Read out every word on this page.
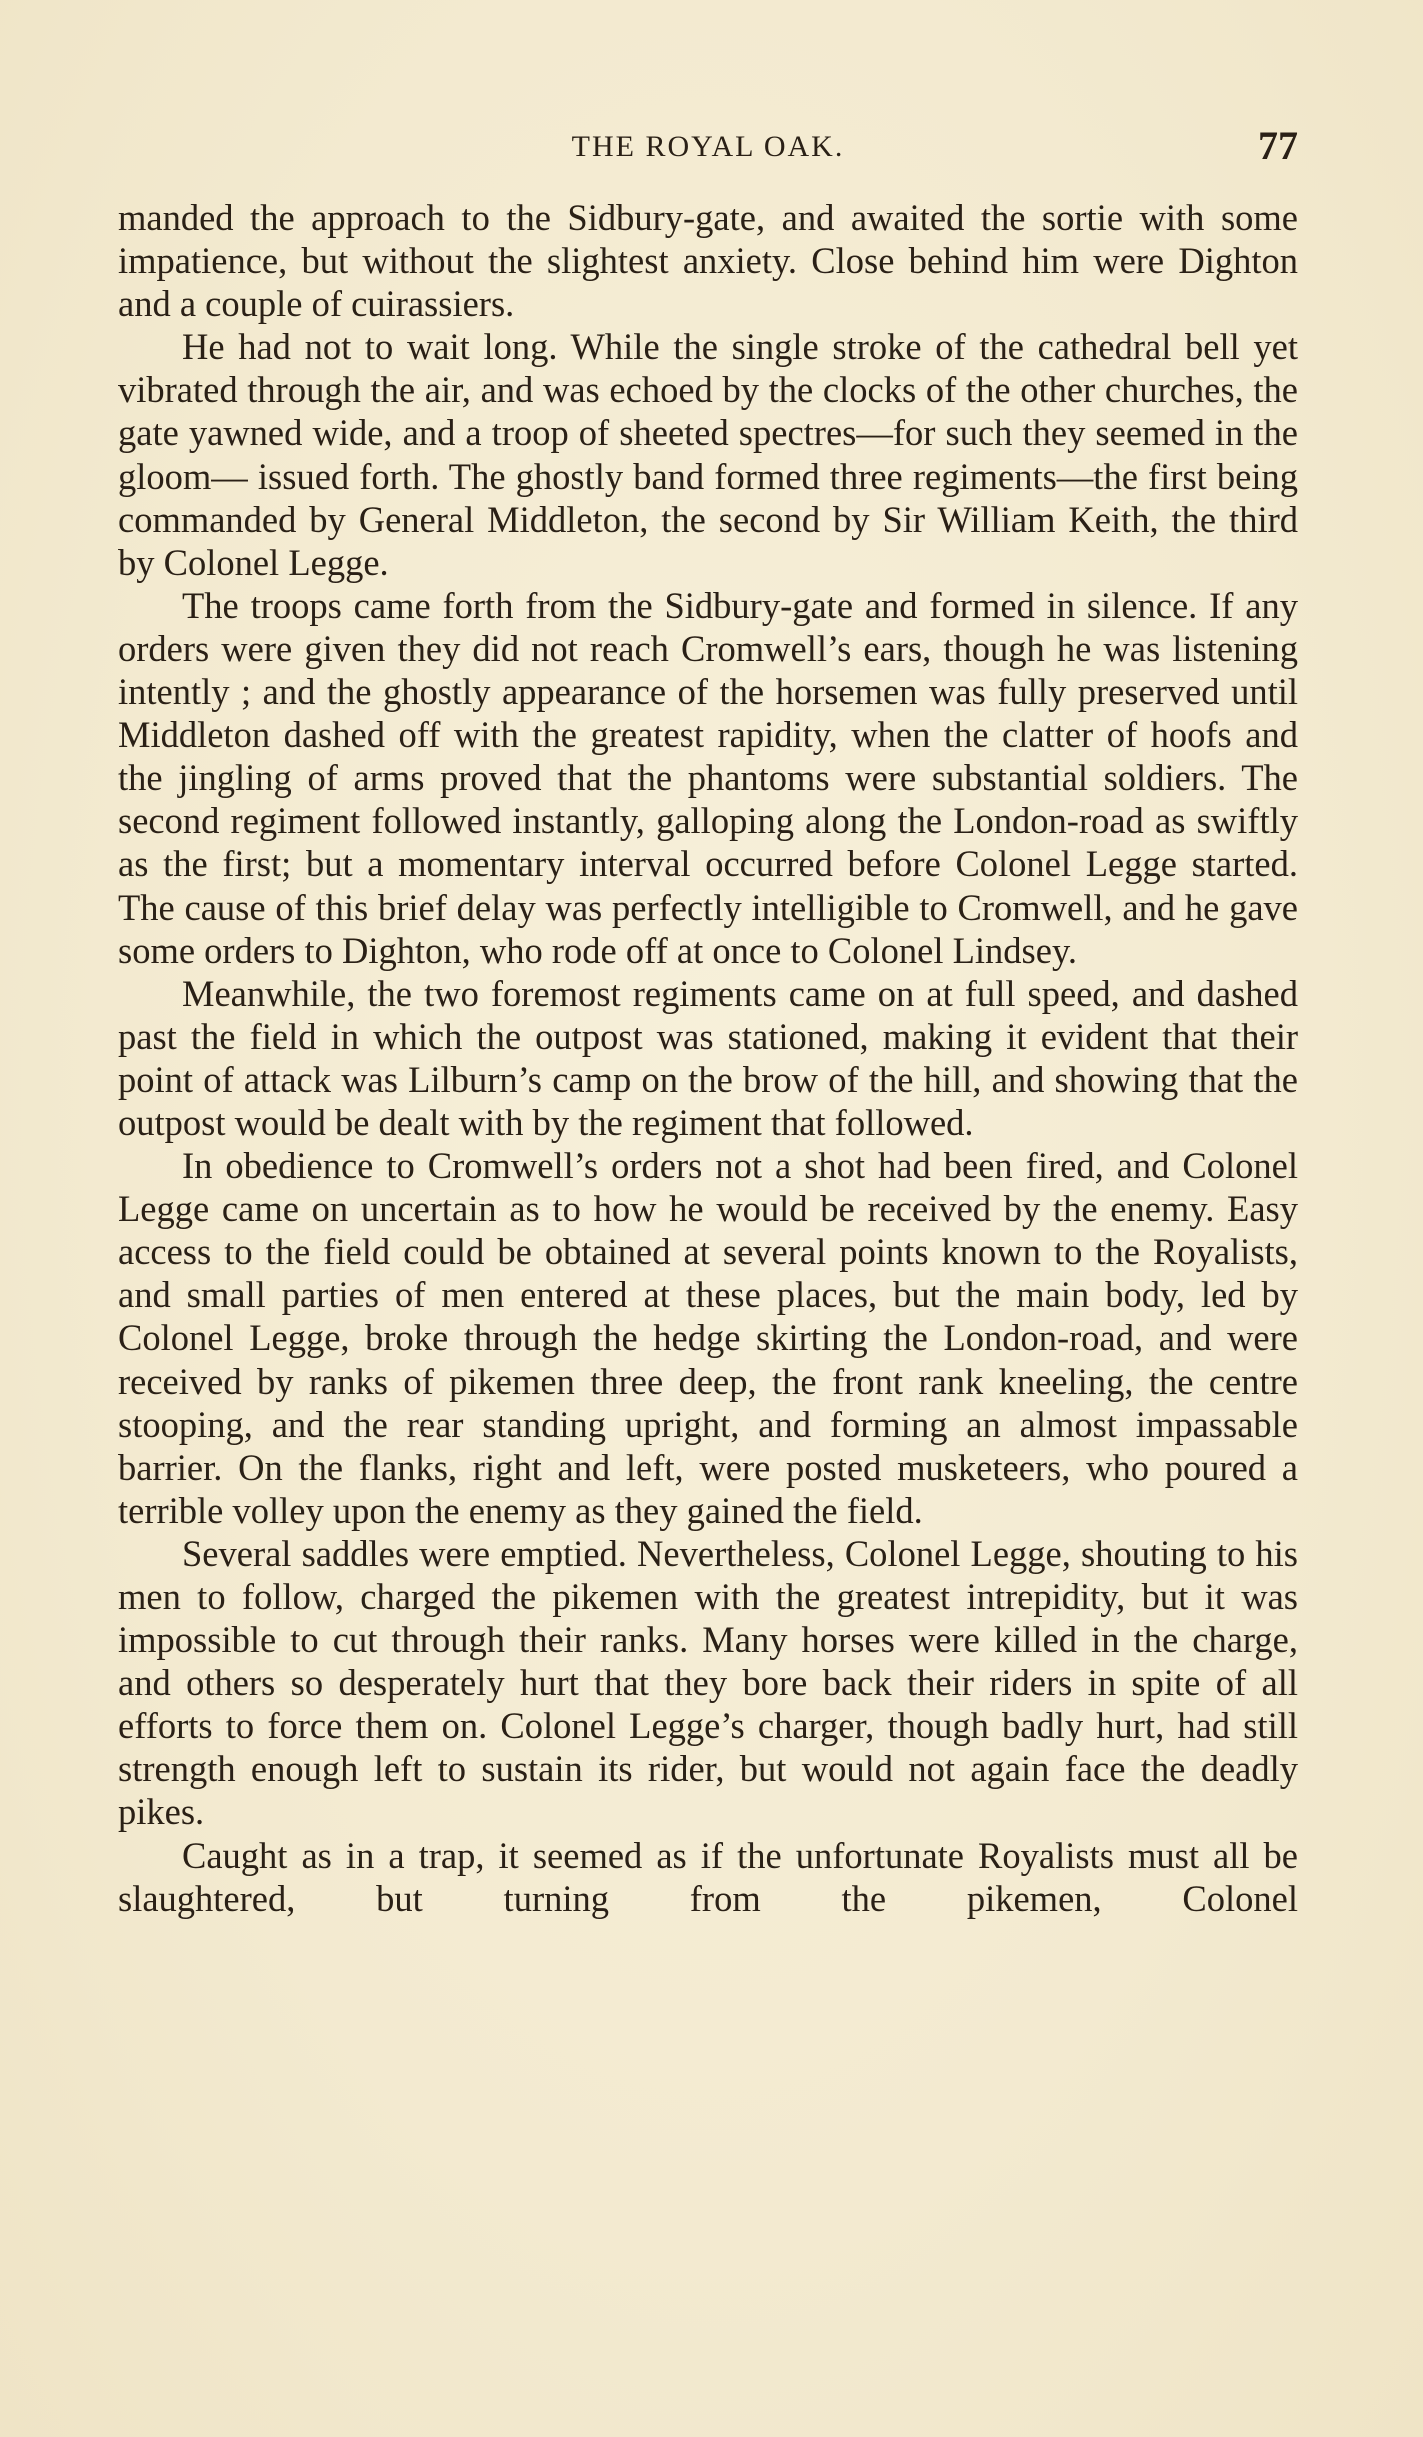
THE ROYAL OAK.	77

manded the approach to the Sidbury-gate, and awaited the sortie with some impatience, but without the slightest anxiety. Close behind him were Dighton and a couple of cuirassiers.

He had not to wait long. While the single stroke of the cathedral bell yet vibrated through the air, and was echoed by the clocks of the other churches, the gate yawned wide, and a troop of sheeted spectres—for such they seemed in the gloom— issued forth. The ghostly band formed three regiments—the first being commanded by General Middleton, the second by Sir William Keith, the third by Colonel Legge.

The troops came forth from the Sidbury-gate and formed in silence. If any orders were given they did not reach Cromwell’s ears, though he was listening intently ; and the ghostly appearance of the horsemen was fully preserved until Middleton dashed off with the greatest rapidity, when the clatter of hoofs and the jingling of arms proved that the phantoms were substantial soldiers. The second regiment followed instantly, galloping along the London-road as swiftly as the first; but a momentary interval occurred before Colonel Legge started. The cause of this brief delay was perfectly intelligible to Cromwell, and he gave some orders to Dighton, who rode off at once to Colonel Lindsey.

Meanwhile, the two foremost regiments came on at full speed, and dashed past the field in which the outpost was stationed, making it evident that their point of attack was Lilburn’s camp on the brow of the hill, and showing that the outpost would be dealt with by the regiment that followed.

In obedience to Cromwell’s orders not a shot had been fired, and Colonel Legge came on uncertain as to how he would be received by the enemy. Easy access to the field could be obtained at several points known to the Royalists, and small parties of men entered at these places, but the main body, led by Colonel Legge, broke through the hedge skirting the London-road, and were received by ranks of pikemen three deep, the front rank kneeling, the centre stooping, and the rear standing upright, and forming an almost impassable barrier. On the flanks, right and left, were posted musketeers, who poured a terrible volley upon the enemy as they gained the field.

Several saddles were emptied. Nevertheless, Colonel Legge, shouting to his men to follow, charged the pikemen with the greatest intrepidity, but it was impossible to cut through their ranks. Many horses were killed in the charge, and others so desperately hurt that they bore back their riders in spite of all efforts to force them on. Colonel Legge’s charger, though badly hurt, had still strength enough left to sustain its rider, but would not again face the deadly pikes.

Caught as in a trap, it seemed as if the unfortunate Royalists must all be slaughtered, but turning from the pikemen, Colonel
